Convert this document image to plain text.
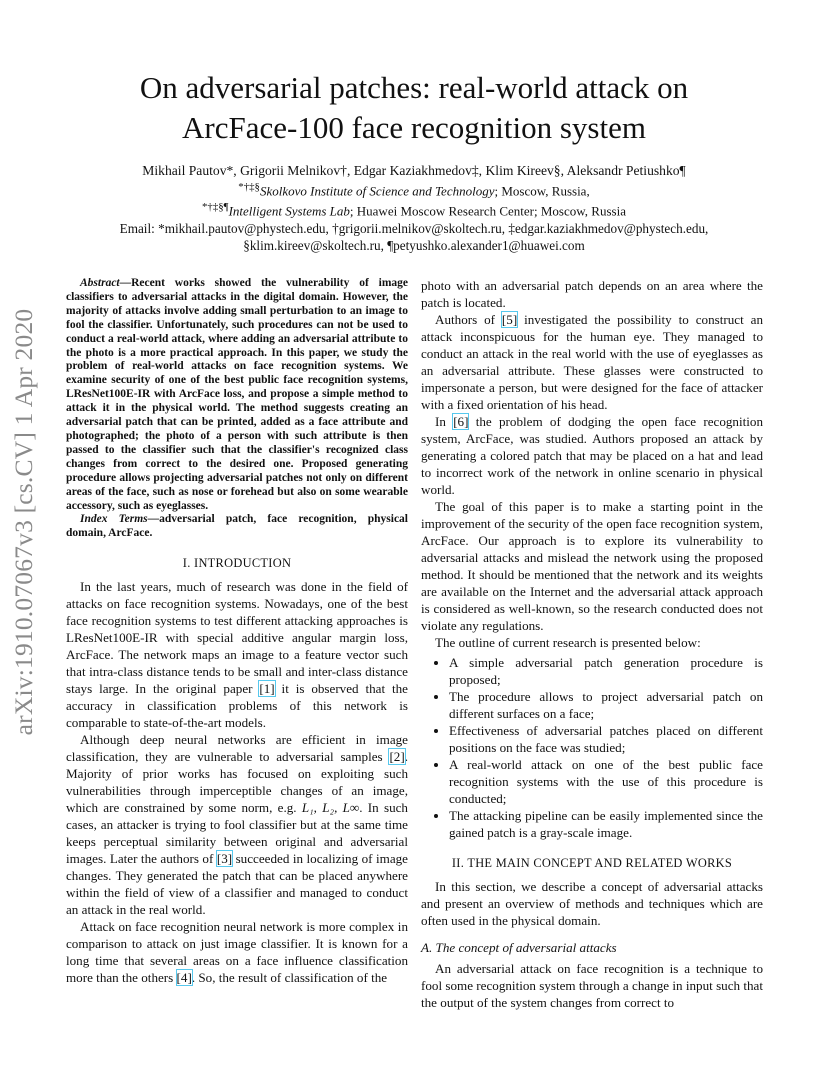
On adversarial patches: real-world attack on
ArcFace-100 face recognition system
Mikhail Pautov*, Grigorii Melnikov†, Edgar Kaziakhmedov‡, Klim Kireev§, Aleksandr Petiushko¶
*†‡§Skolkovo Institute of Science and Technology; Moscow, Russia,
*†‡§¶Intelligent Systems Lab; Huawei Moscow Research Center; Moscow, Russia
Email: *mikhail.pautov@phystech.edu, †grigorii.melnikov@skoltech.ru, ‡edgar.kaziakhmedov@phystech.edu,
§klim.kireev@skoltech.ru, ¶petyushko.alexander1@huawei.com
arXiv:1910.07067v3 [cs.CV] 1 Apr 2020

Abstract—Recent works showed the vulnerability of image classifiers to adversarial attacks in the digital domain. However, the majority of attacks involve adding small perturbation to an image to fool the classifier. Unfortunately, such procedures can not be used to conduct a real-world attack, where adding an adversarial attribute to the photo is a more practical approach. In this paper, we study the problem of real-world attacks on face recognition systems. We examine security of one of the best public face recognition systems, LResNet100E-IR with ArcFace loss, and propose a simple method to attack it in the physical world. The method suggests creating an adversarial patch that can be printed, added as a face attribute and photographed; the photo of a person with such attribute is then passed to the classifier such that the classifier's recognized class changes from correct to the desired one. Proposed generating procedure allows projecting adversarial patches not only on different areas of the face, such as nose or forehead but also on some wearable accessory, such as eyeglasses.

Index Terms—adversarial patch, face recognition, physical domain, ArcFace.

I. INTRODUCTION

In the last years, much of research was done in the field of attacks on face recognition systems. Nowadays, one of the best face recognition systems to test different attacking approaches is LResNet100E-IR with special additive angular margin loss, ArcFace. The network maps an image to a feature vector such that intra-class distance tends to be small and inter-class distance stays large. In the original paper [1] it is observed that the accuracy in classification problems of this network is comparable to state-of-the-art models.

Although deep neural networks are efficient in image classification, they are vulnerable to adversarial samples [2]. Majority of prior works has focused on exploiting such vulnerabilities through imperceptible changes of an image, which are constrained by some norm, e.g. L₁, L₂, L∞. In such cases, an attacker is trying to fool classifier but at the same time keeps perceptual similarity between original and adversarial images. Later the authors of [3] succeeded in localizing of image changes. They generated the patch that can be placed anywhere within the field of view of a classifier and managed to conduct an attack in the real world.

Attack on face recognition neural network is more complex in comparison to attack on just image classifier. It is known for a long time that several areas on a face influence classification more than the others [4]. So, the result of classification of the

photo with an adversarial patch depends on an area where the patch is located.

Authors of [5] investigated the possibility to construct an attack inconspicuous for the human eye. They managed to conduct an attack in the real world with the use of eyeglasses as an adversarial attribute. These glasses were constructed to impersonate a person, but were designed for the face of attacker with a fixed orientation of his head.

In [6] the problem of dodging the open face recognition system, ArcFace, was studied. Authors proposed an attack by generating a colored patch that may be placed on a hat and lead to incorrect work of the network in online scenario in physical world.

The goal of this paper is to make a starting point in the improvement of the security of the open face recognition system, ArcFace. Our approach is to explore its vulnerability to adversarial attacks and mislead the network using the proposed method. It should be mentioned that the network and its weights are available on the Internet and the adversarial attack approach is considered as well-known, so the research conducted does not violate any regulations.

The outline of current research is presented below:

• A simple adversarial patch generation procedure is proposed;
• The procedure allows to project adversarial patch on different surfaces on a face;
• Effectiveness of adversarial patches placed on different positions on the face was studied;
• A real-world attack on one of the best public face recognition systems with the use of this procedure is conducted;
• The attacking pipeline can be easily implemented since the gained patch is a gray-scale image.
II. THE MAIN CONCEPT AND RELATED WORKS

In this section, we describe a concept of adversarial attacks and present an overview of methods and techniques which are often used in the physical domain.

A. The concept of adversarial attacks

An adversarial attack on face recognition is a technique to fool some recognition system through a change in input such that the output of the system changes from correct to
